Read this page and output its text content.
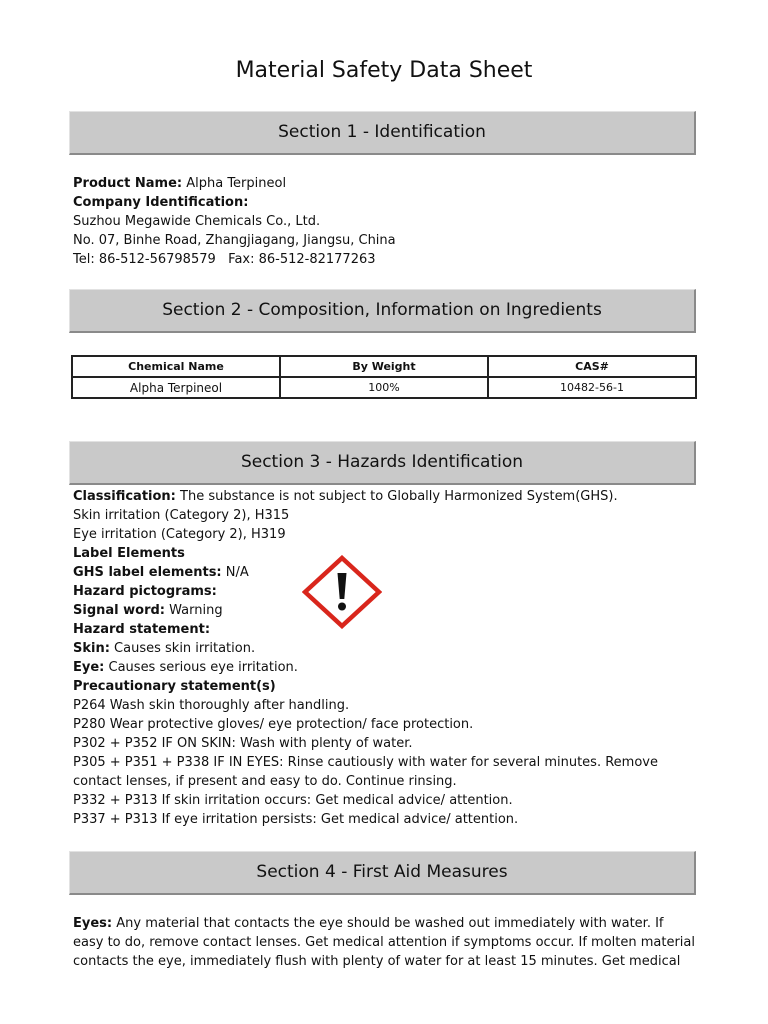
Material Safety Data Sheet
Section 1 - Identification
Product Name: Alpha Terpineol
Company Identification:
Suzhou Megawide Chemicals Co., Ltd.
No. 07, Binhe Road, Zhangjiagang, Jiangsu, China
Tel: 86-512-56798579   Fax: 86-512-82177263
Section 2 - Composition, Information on Ingredients
Chemical Name	By Weight	CAS#
Alpha Terpineol	100%	10482-56-1
Section 3 - Hazards Identification
Classification: The substance is not subject to Globally Harmonized System(GHS).
Skin irritation (Category 2), H315
Eye irritation (Category 2), H319
Label Elements
GHS label elements: N/A
Hazard pictograms:
Signal word: Warning
Hazard statement:
Skin: Causes skin irritation.
Eye: Causes serious eye irritation.
Precautionary statement(s)
P264 Wash skin thoroughly after handling.
P280 Wear protective gloves/ eye protection/ face protection.
P302 + P352 IF ON SKIN: Wash with plenty of water.
P305 + P351 + P338 IF IN EYES: Rinse cautiously with water for several minutes. Remove contact lenses, if present and easy to do. Continue rinsing.
P332 + P313 If skin irritation occurs: Get medical advice/ attention.
P337 + P313 If eye irritation persists: Get medical advice/ attention.
Section 4 - First Aid Measures
Eyes: Any material that contacts the eye should be washed out immediately with water. If easy to do, remove contact lenses. Get medical attention if symptoms occur. If molten material contacts the eye, immediately flush with plenty of water for at least 15 minutes. Get medical
